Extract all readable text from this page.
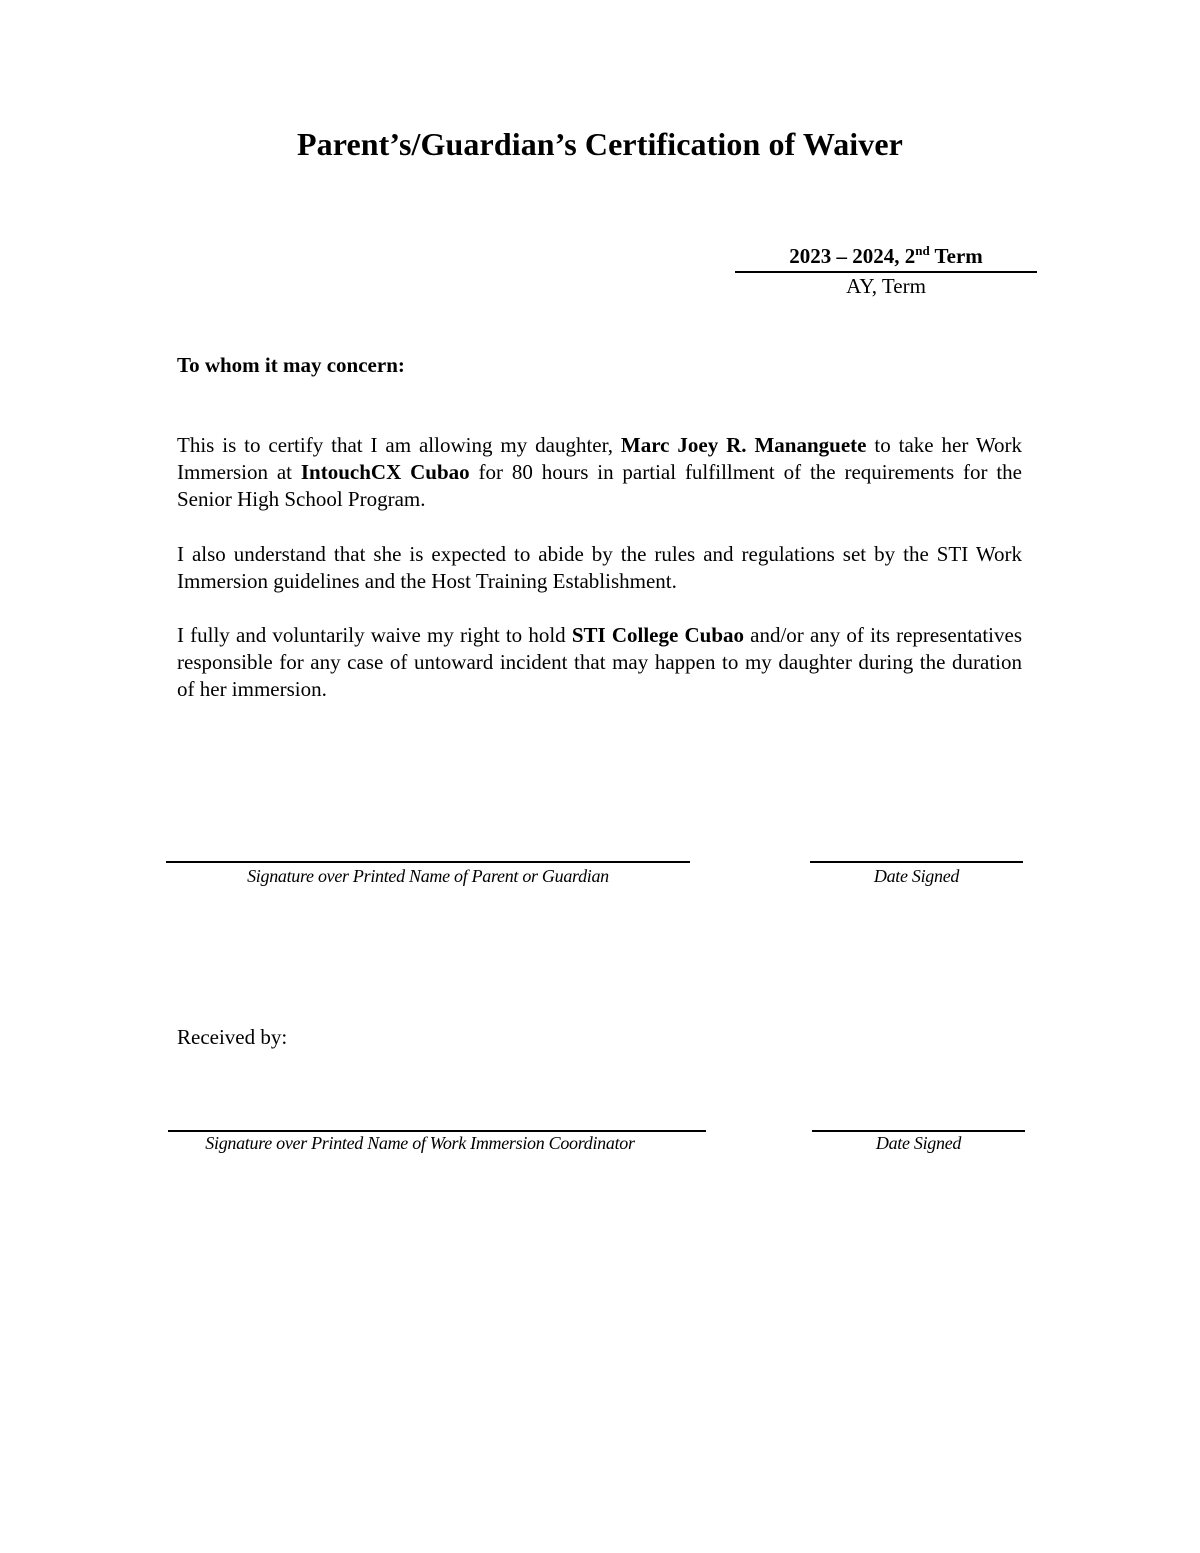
Parent’s/Guardian’s Certification of Waiver
2023 – 2024, 2nd Term
AY, Term
To whom it may concern:

This is to certify that I am allowing my daughter, Marc Joey R. Mananguete to take her Work Immersion at IntouchCX Cubao for 80 hours in partial fulfillment of the requirements for the Senior High School Program.

I also understand that she is expected to abide by the rules and regulations set by the STI Work Immersion guidelines and the Host Training Establishment.

I fully and voluntarily waive my right to hold STI College Cubao and/or any of its representatives responsible for any case of untoward incident that may happen to my daughter during the duration of her immersion.

Signature over Printed Name of Parent or Guardian	Date Signed
Received by:
Signature over Printed Name of Work Immersion Coordinator	Date Signed
